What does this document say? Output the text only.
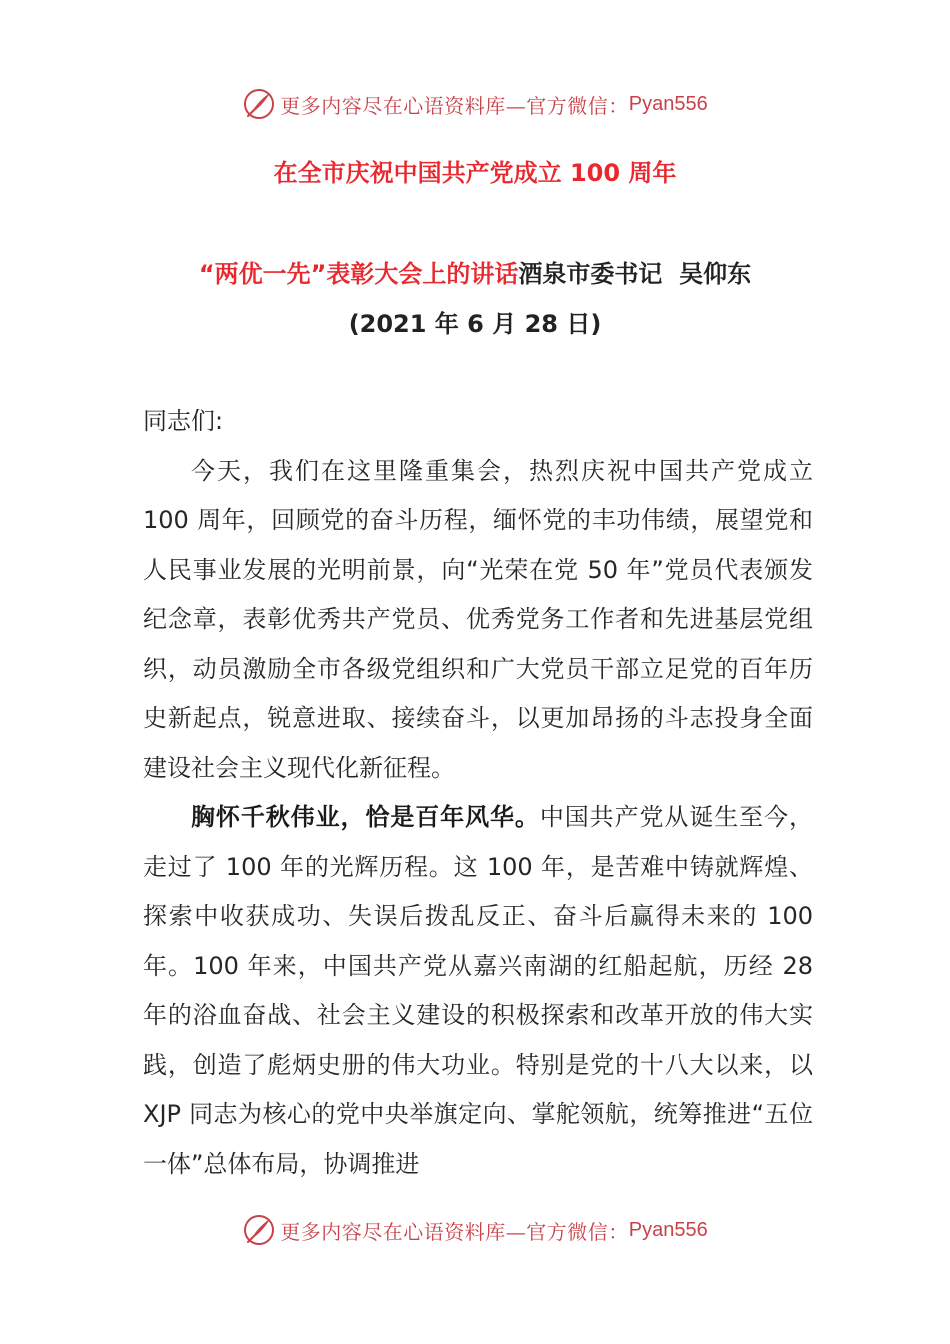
更多内容尽在心语资料库—官方微信： Pyan556
在全市庆祝中国共产党成立 100 周年
“两优一先”表彰大会上的讲话酒泉市委书记  吴仰东
(2021 年 6 月 28 日)

同志们:

今天，我们在这里隆重集会，热烈庆祝中国共产党成立 100 周年，回顾党的奋斗历程，缅怀党的丰功伟绩，展望党和人民事业发展的光明前景，向“光荣在党 50 年”党员代表颁发纪念章，表彰优秀共产党员、优秀党务工作者和先进基层党组织，动员激励全市各级党组织和广大党员干部立足党的百年历史新起点，锐意进取、接续奋斗，以更加昂扬的斗志投身全面建设社会主义现代化新征程。

胸怀千秋伟业，恰是百年风华。中国共产党从诞生至今，走过了 100 年的光辉历程。这 100 年，是苦难中铸就辉煌、探索中收获成功、失误后拨乱反正、奋斗后赢得未来的 100 年。100 年来，中国共产党从嘉兴南湖的红船起航，历经 28 年的浴血奋战、社会主义建设的积极探索和改革开放的伟大实践，创造了彪炳史册的伟大功业。特别是党的十八大以来，以 XJP 同志为核心的党中央举旗定向、掌舵领航，统筹推进“五位一体”总体布局，协调推进

更多内容尽在心语资料库—官方微信： Pyan556
